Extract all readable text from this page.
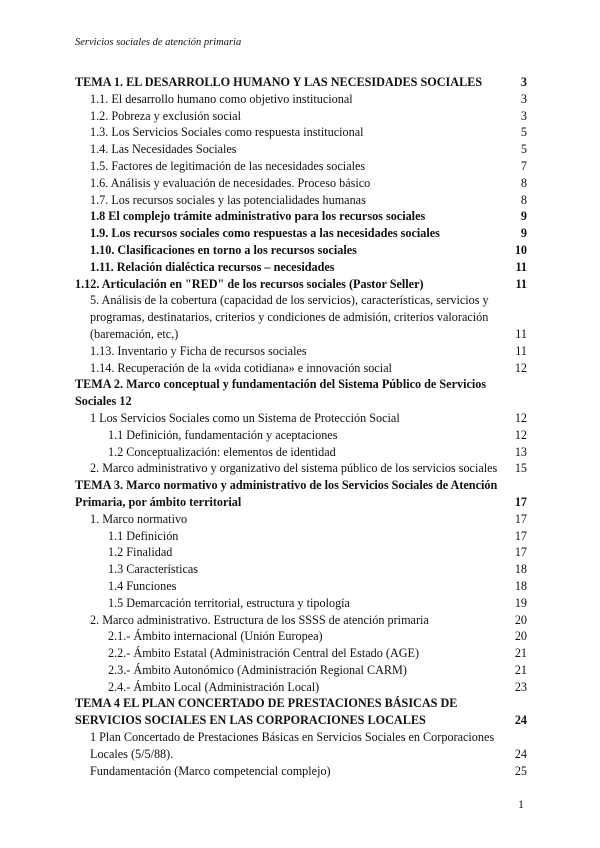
Servicios sociales de atención primaria
TEMA 1. EL DESARROLLO HUMANO Y LAS NECESIDADES SOCIALES	3
1.1. El desarrollo humano como objetivo institucional	3
1.2. Pobreza y exclusión social	3
1.3. Los Servicios Sociales como respuesta institucional	5
1.4. Las Necesidades Sociales	5
1.5. Factores de legitimación de las necesidades sociales	7
1.6. Análisis y evaluación de necesidades. Proceso básico	8
1.7. Los recursos sociales y las potencialidades humanas	8
1.8 El complejo trámite administrativo para los recursos sociales	9
1.9. Los recursos sociales como respuestas a las necesidades sociales	9
1.10. Clasificaciones en torno a los recursos sociales	10
1.11. Relación dialéctica recursos – necesidades	11
1.12. Articulación en "RED" de los recursos sociales (Pastor Seller)	11
5. Análisis de la cobertura (capacidad de los servicios), características, servicios y programas, destinatarios, criterios y condiciones de admisión, criterios valoración (baremación, etc,)	11
1.13. Inventario y Ficha de recursos sociales	11
1.14. Recuperación de la «vida cotidiana» e innovación social	12
TEMA 2. Marco conceptual y fundamentación del Sistema Público de Servicios Sociales 12
1 Los Servicios Sociales como un Sistema de Protección Social	12
1.1 Definición, fundamentación y aceptaciones	12
1.2 Conceptualización: elementos de identidad	13
2. Marco administrativo y organizativo del sistema público de los servicios sociales	15
TEMA 3. Marco normativo y administrativo de los Servicios Sociales de Atención Primaria, por ámbito territorial	17
1. Marco normativo	17
1.1 Definición	17
1.2 Finalidad	17
1.3 Características	18
1.4 Funciones	18
1.5 Demarcación territorial, estructura y tipología	19
2. Marco administrativo. Estructura de los SSSS de atención primaria	20
2.1.- Ámbito internacional (Unión Europea)	20
2.2.- Ámbito Estatal (Administración Central del Estado (AGE)	21
2.3.- Ámbito Autonómico (Administración Regional CARM)	21
2.4.- Ámbito Local (Administración Local)	23
TEMA 4 EL PLAN CONCERTADO DE PRESTACIONES BÁSICAS DE SERVICIOS SOCIALES EN LAS CORPORACIONES LOCALES	24
1 Plan Concertado de Prestaciones Básicas en Servicios Sociales en Corporaciones Locales (5/5/88).	24
Fundamentación (Marco competencial complejo)	25
1
